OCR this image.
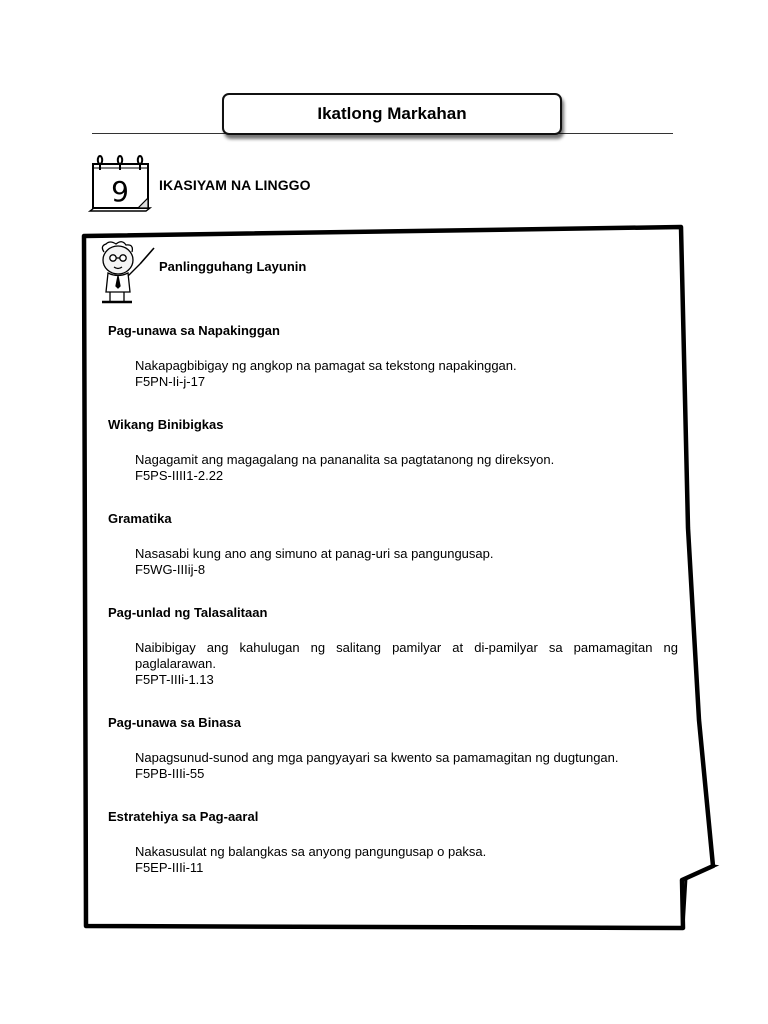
Ikatlong Markahan
9 IKASIYAM NA LINGGO
Panlingguhang Layunin

Pag-unawa sa Napakinggan

Nakapagbibigay ng angkop na pamagat sa tekstong napakinggan.

F5PN-Ii-j-17

Wikang Binibigkas

Nagagamit ang magagalang na pananalita sa pagtatanong ng direksyon.

F5PS-IIII1-2.22

Gramatika

Nasasabi kung ano ang simuno at panag-uri sa pangungusap.

F5WG-IIIij-8

Pag-unlad ng Talasalitaan

Naibibigay ang kahulugan ng salitang pamilyar at di-pamilyar sa pamamagitan ng paglalarawan.

F5PT-IIIi-1.13

Pag-unawa sa Binasa

Napagsunud-sunod ang mga pangyayari sa kwento sa pamamagitan ng dugtungan.

F5PB-IIIi-55

Estratehiya sa Pag-aaral

Nakasusulat ng balangkas sa anyong pangungusap o paksa.

F5EP-IIIi-11
